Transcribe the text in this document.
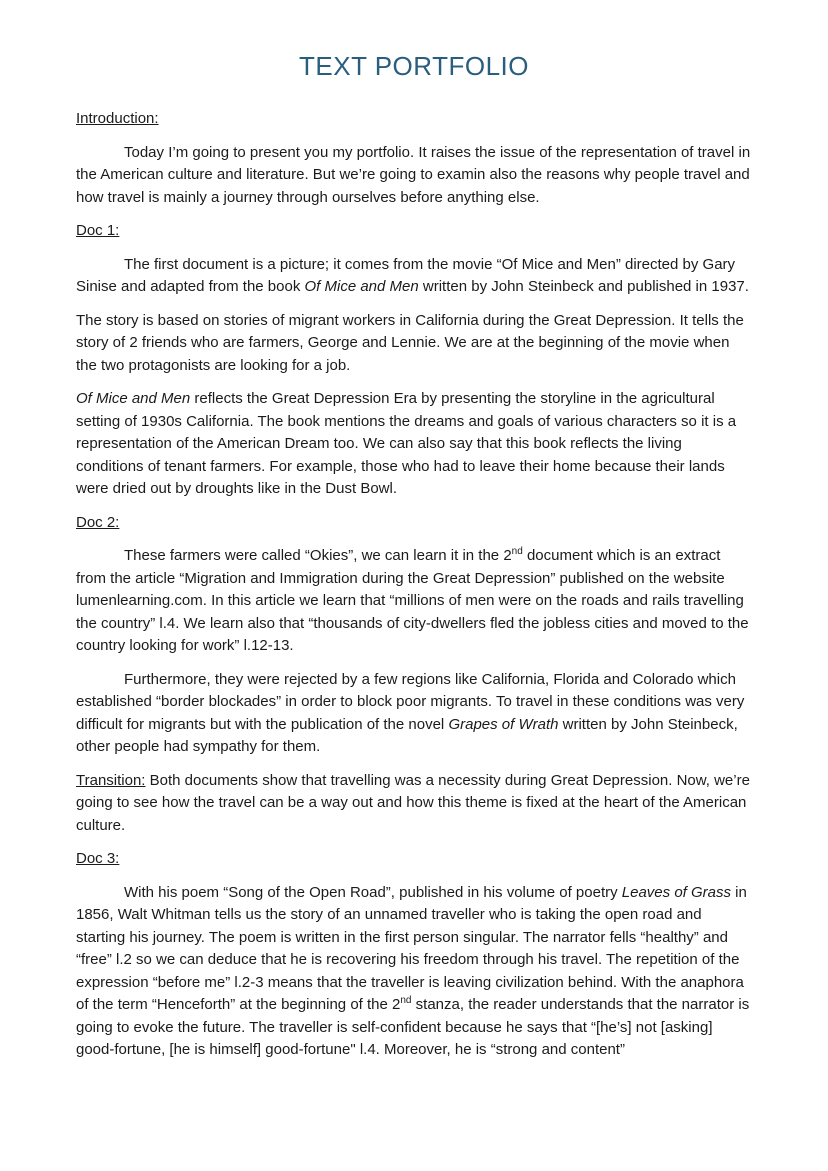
TEXT PORTFOLIO

Introduction:

Today I’m going to present you my portfolio. It raises the issue of the representation of travel in the American culture and literature. But we’re going to examin also the reasons why people travel and how travel is mainly a journey through ourselves before anything else.

Doc 1:

The first document is a picture; it comes from the movie “Of Mice and Men” directed by Gary Sinise and adapted from the book Of Mice and Men written by John Steinbeck and published in 1937.

The story is based on stories of migrant workers in California during the Great Depression. It tells the story of 2 friends who are farmers, George and Lennie. We are at the beginning of the movie when the two protagonists are looking for a job.

Of Mice and Men reflects the Great Depression Era by presenting the storyline in the agricultural setting of 1930s California. The book mentions the dreams and goals of various characters so it is a representation of the American Dream too. We can also say that this book reflects the living conditions of tenant farmers. For example, those who had to leave their home because their lands were dried out by droughts like in the Dust Bowl.

Doc 2:

These farmers were called “Okies”, we can learn it in the 2nd document which is an extract from the article “Migration and Immigration during the Great Depression” published on the website lumenlearning.com. In this article we learn that “millions of men were on the roads and rails travelling the country” l.4. We learn also that “thousands of city-dwellers fled the jobless cities and moved to the country looking for work” l.12-13.

Furthermore, they were rejected by a few regions like California, Florida and Colorado which established “border blockades” in order to block poor migrants. To travel in these conditions was very difficult for migrants but with the publication of the novel Grapes of Wrath written by John Steinbeck, other people had sympathy for them.

Transition: Both documents show that travelling was a necessity during Great Depression. Now, we’re going to see how the travel can be a way out and how this theme is fixed at the heart of the American culture.

Doc 3:

With his poem “Song of the Open Road”, published in his volume of poetry Leaves of Grass in 1856, Walt Whitman tells us the story of an unnamed traveller who is taking the open road and starting his journey. The poem is written in the first person singular. The narrator fells “healthy” and “free” l.2 so we can deduce that he is recovering his freedom through his travel. The repetition of the expression “before me” l.2-3 means that the traveller is leaving civilization behind. With the anaphora of the term “Henceforth” at the beginning of the 2nd stanza, the reader understands that the narrator is going to evoke the future. The traveller is self-confident because he says that “[he’s] not [asking] good-fortune, [he is himself] good-fortune" l.4. Moreover, he is “strong and content”
